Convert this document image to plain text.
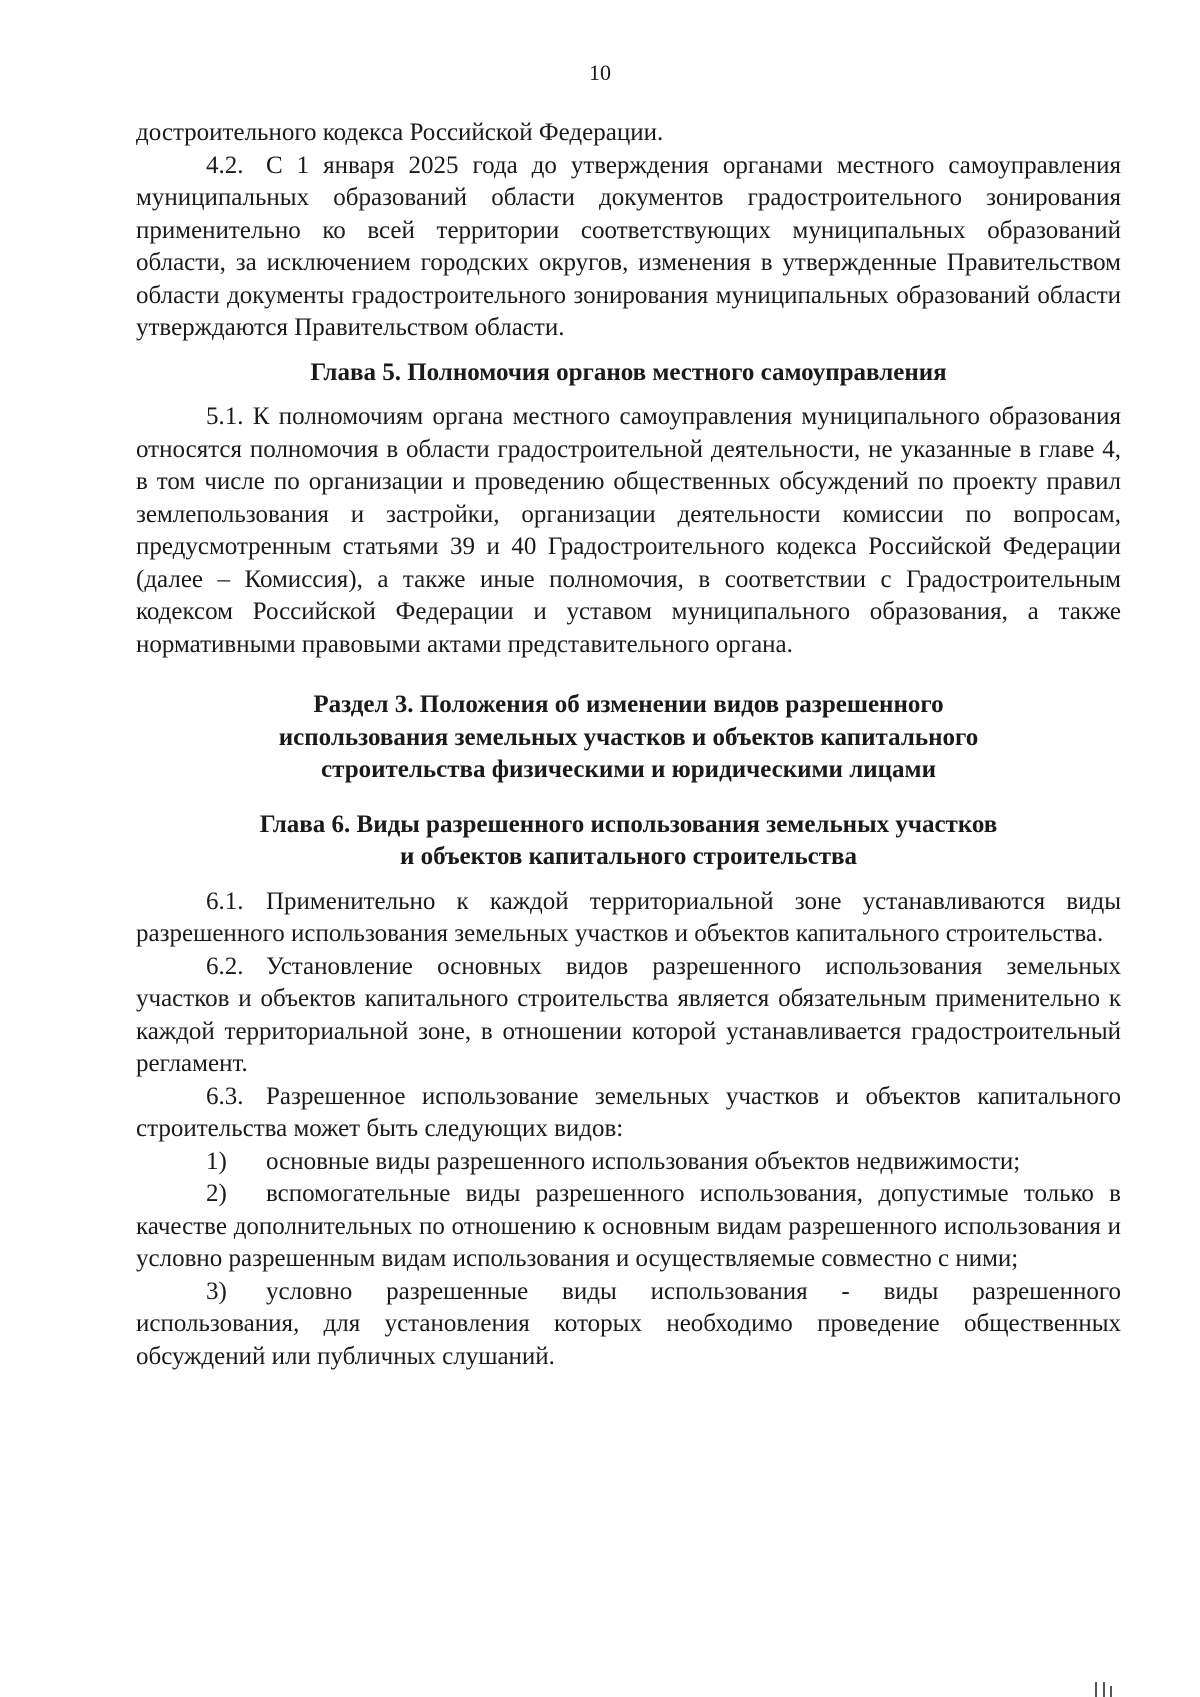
10

достроительного кодекса Российской Федерации.

4.2. С 1 января 2025 года до утверждения органами местного самоуправления муниципальных образований области документов градостроительного зонирования применительно ко всей территории соответствующих муниципальных образований области, за исключением городских округов, изменения в утвержденные Правительством области документы градостроительного зонирования муниципальных образований области утверждаются Правительством области.

Глава 5. Полномочия органов местного самоуправления

5.1. К полномочиям органа местного самоуправления муниципального образования относятся полномочия в области градостроительной деятельности, не указанные в главе 4, в том числе по организации и проведению общественных обсуждений по проекту правил землепользования и застройки, организации деятельности комиссии по вопросам, предусмотренным статьями 39 и 40 Градостроительного кодекса Российской Федерации (далее – Комиссия), а также иные полномочия, в соответствии с Градостроительным кодексом Российской Федерации и уставом муниципального образования, а также нормативными правовыми актами представительного органа.

Раздел 3. Положения об изменении видов разрешенного
использования земельных участков и объектов капитального
строительства физическими и юридическими лицами
Глава 6. Виды разрешенного использования земельных участков
и объектов капитального строительства

6.1. Применительно к каждой территориальной зоне устанавливаются виды разрешенного использования земельных участков и объектов капитального строительства.

6.2. Установление основных видов разрешенного использования земельных участков и объектов капитального строительства является обязательным применительно к каждой территориальной зоне, в отношении которой устанавливается градостроительный регламент.

6.3. Разрешенное использование земельных участков и объектов капитального строительства может быть следующих видов:

1) основные виды разрешенного использования объектов недвижимости;

2) вспомогательные виды разрешенного использования, допустимые только в качестве дополнительных по отношению к основным видам разрешенного использования и условно разрешенным видам использования и осуществляемые совместно с ними;

3) условно разрешенные виды использования - виды разрешенного использования, для установления которых необходимо проведение общественных обсуждений или публичных слушаний.
